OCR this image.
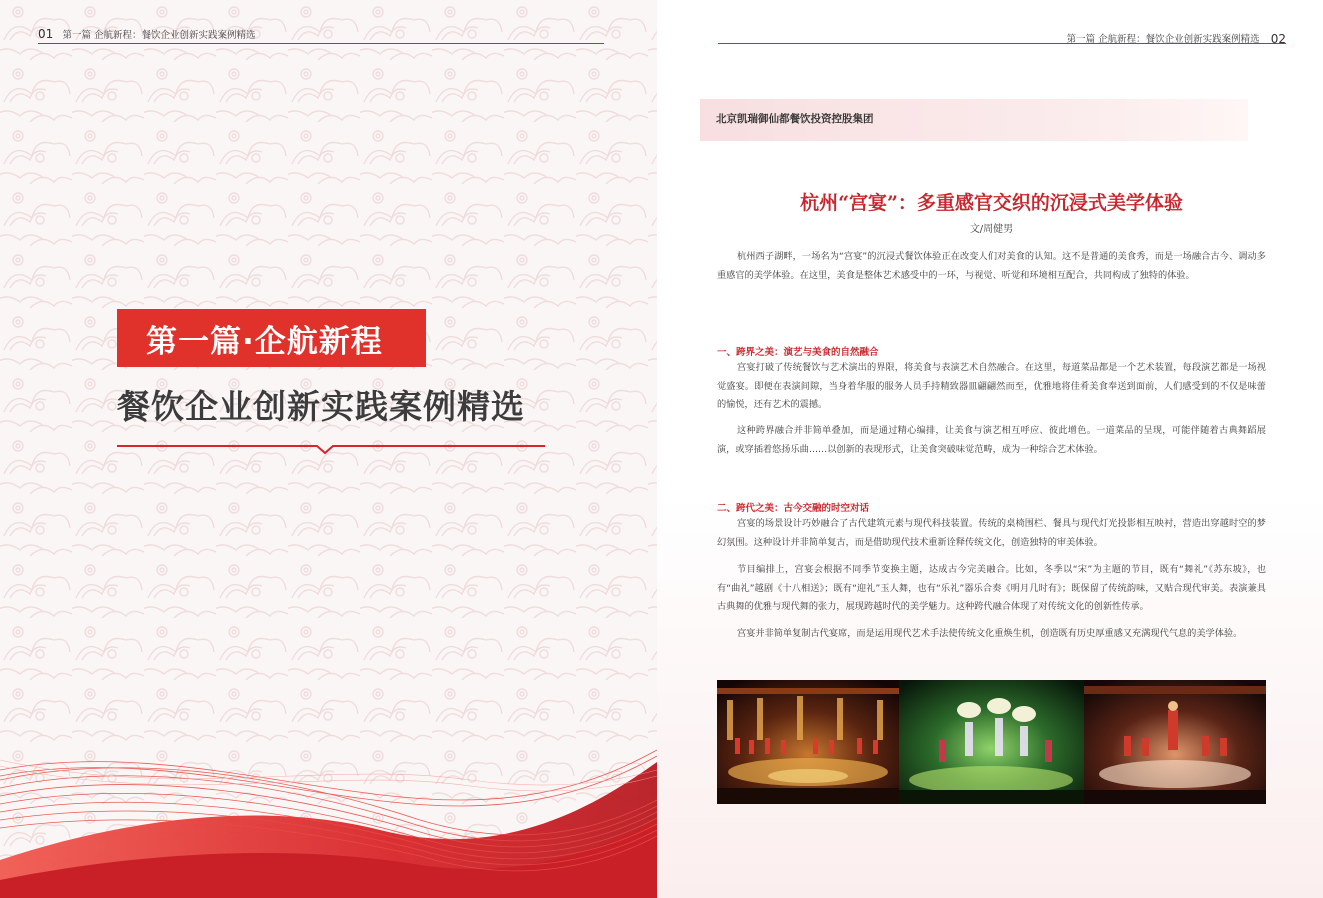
01 第一篇 企航新程：餐饮企业创新实践案例精选
第一篇·企航新程
餐饮企业创新实践案例精选
第一篇 企航新程：餐饮企业创新实践案例精选 02
北京凯瑞御仙都餐饮投资控股集团
杭州“宫宴”：多重感官交织的沉浸式美学体验
文/周健男

杭州西子湖畔，一场名为“宫宴”的沉浸式餐饮体验正在改变人们对美食的认知。这不是普通的美食秀，而是一场融合古今、调动多重感官的美学体验。在这里，美食是整体艺术感受中的一环，与视觉、听觉和环境相互配合，共同构成了独特的体验。

一、跨界之美：演艺与美食的自然融合

宫宴打破了传统餐饮与艺术演出的界限，将美食与表演艺术自然融合。在这里，每道菜品都是一个艺术装置，每段演艺都是一场视觉盛宴。即便在表演间隙，当身着华服的服务人员手持精致器皿翩翩然而至，优雅地将佳肴美食奉送到面前，人们感受到的不仅是味蕾的愉悦，还有艺术的震撼。

这种跨界融合并非简单叠加，而是通过精心编排，让美食与演艺相互呼应、彼此增色。一道菜品的呈现，可能伴随着古典舞蹈展演，或穿插着悠扬乐曲……以创新的表现形式，让美食突破味觉范畴，成为一种综合艺术体验。

二、跨代之美：古今交融的时空对话

宫宴的场景设计巧妙融合了古代建筑元素与现代科技装置。传统的桌椅围栏、餐具与现代灯光投影相互映衬，营造出穿越时空的梦幻氛围。这种设计并非简单复古，而是借助现代技术重新诠释传统文化，创造独特的审美体验。

节目编排上，宫宴会根据不同季节变换主题，达成古今完美融合。比如，冬季以“宋”为主题的节目，既有“舞礼”《苏东坡》，也有“曲礼”越剧《十八相送》；既有“迎礼”玉人舞，也有“乐礼”器乐合奏《明月几时有》；既保留了传统韵味，又贴合现代审美。表演兼具古典舞的优雅与现代舞的张力，展现跨越时代的美学魅力。这种跨代融合体现了对传统文化的创新性传承。

宫宴并非简单复制古代宴席，而是运用现代艺术手法使传统文化重焕生机，创造既有历史厚重感又充满现代气息的美学体验。
